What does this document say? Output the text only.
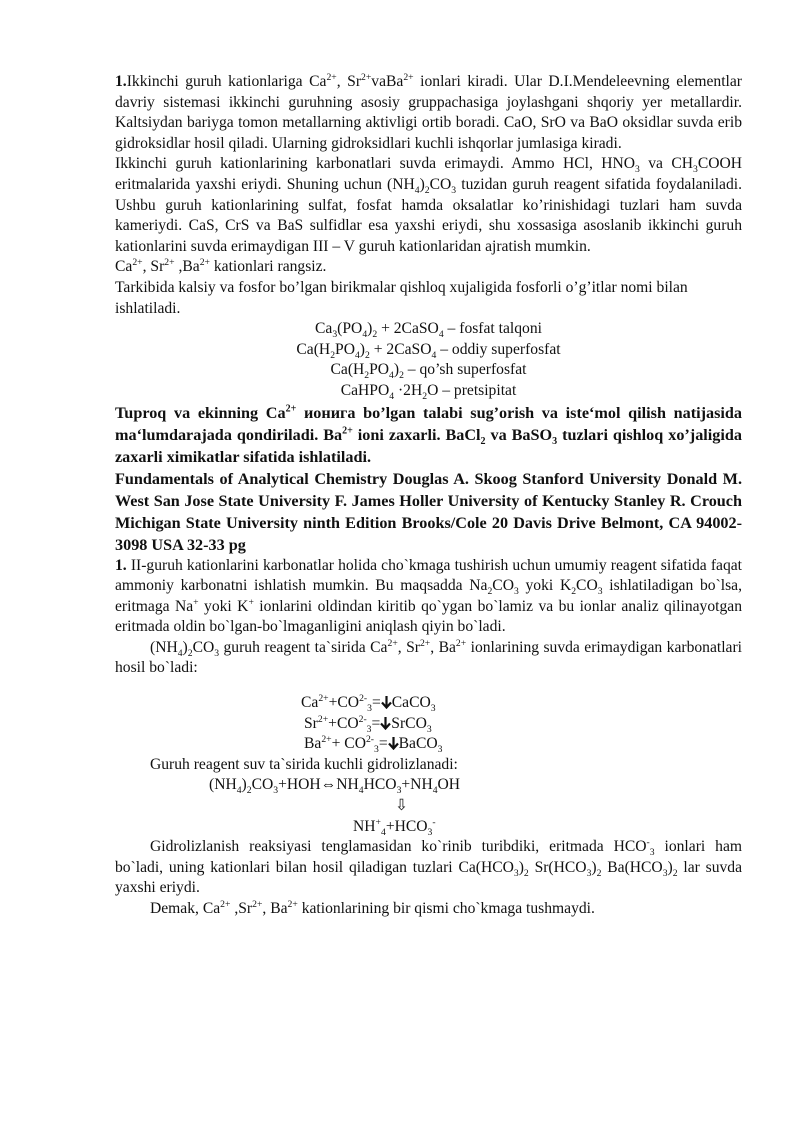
1.Ikkinchi guruh kationlariga $Ca^{2+}$, $Sr^{2+}vaBa^{2+}$ ionlari kiradi. Ular D.I.Mendeleevning elementlar davriy sistemasi ikkinchi guruhning asosiy gruppachasiga joylashgani shqoriy yer metallardir. Kaltsiydan bariyga tomon metallarning aktivligi ortib boradi. CaO, SrO va BaO oksidlar suvda erib gidroksidlar hosil qiladi. Ularning gidroksidlari kuchli ishqorlar jumlasiga kiradi.

Ikkinchi guruh kationlarining karbonatlari suvda erimaydi. Ammo HCl, $HNO_3$ va $CH_3COOH$ eritmalarida yaxshi eriydi. Shuning uchun $(NH_4)_2CO_3$ tuzidan guruh reagent sifatida foydalaniladi. Ushbu guruh kationlarining sulfat, fosfat hamda oksalatlar ko’rinishidagi tuzlari ham suvda kameriydi. CaS, CrS va BaS sulfidlar esa yaxshi eriydi, shu xossasiga asoslanib ikkinchi guruh kationlarini suvda erimaydigan III – V guruh kationlaridan ajratish mumkin.

$Ca^{2+}$, $Sr^{2+}$ $,Ba^{2+}$ kationlari rangsiz.

Tarkibida kalsiy va fosfor bo’lgan birikmalar qishloq xujaligida fosforli o’g’itlar nomi bilan ishlatiladi.

$Ca_3(PO_4)_2$ + 2CaSO$_4$ – fosfat talqoni

$Ca(H_2PO_4)_2$ + 2CaSO$_4$ – oddiy superfosfat

$Ca(H_2PO_4)_2$ – qo’sh superfosfat

CaHPO$_4$ $\cdot 2H_2O$ – pretsipitat

Tuproq va ekinning $Ca^{2+}$ ионига bo’lgan talabi sug’orish va iste‘mol qilish natijasida ma‘lumdarajada qondiriladi. $Ba^{2+}$ ioni zaxarli. BaCl$_2$ va BaSO$_3$ tuzlari qishloq xo’jaligida zaxarli ximikatlar sifatida ishlatiladi.

Fundamentals of Analytical Chemistry Douglas A. Skoog Stanford University Donald M. West San Jose State University F. James Holler University of Kentucky Stanley R. Crouch Michigan State University ninth Edition Brooks/Cole 20 Davis Drive Belmont, CA 94002-3098 USA 32-33 pg

1. II-guruh kationlarini karbonatlar holida cho`kmaga tushirish uchun umumiy reagent sifatida faqat ammoniy karbonatni ishlatish mumkin. Bu maqsadda $Na_2CO_3$ yoki $K_2CO_3$ ishlatiladigan bo`lsa, eritmaga Na+ yoki K+ ionlarini oldindan kiritib qo`ygan bo`lamiz va bu ionlar analiz qilinayotgan eritmada oldin bo`lgan-bo`lmaganligini aniqlash qiyin bo`ladi.

$(NH_4)_2CO_3$ guruh reagent ta`sirida $Ca^{2+}$, $Sr^{2+}$, $Ba^{2+}$ ionlarining suvda erimaydigan karbonatlari hosil bo`ladi:

$Ca^{2+}+CO^{2-}_3=$ CaCO$_3$

$Sr^{2+}+CO^{2-}_3=$ SrCO$_3$

$Ba^{2+}+ CO^{2-}_3=$ BaCO$_3$

Guruh reagent suv ta`sirida kuchli gidrolizlanadi:

$(NH_4)_2CO_3+HOH\Leftrightarrow NH_4HCO_3+NH_4OH$

⇩

$NH^+_4+HCO_3^-$

Gidrolizlanish reaksiyasi tenglamasidan ko`rinib turibdiki, eritmada $HCO^-_3$ ionlari ham bo`ladi, uning kationlari bilan hosil qiladigan tuzlari $Ca(HCO_3)_2$ $Sr(HCO_3)_2$ $Ba(HCO_3)_2$ lar suvda yaxshi eriydi.

Demak, $Ca^{2+}$ $,Sr^{2+}$, $Ba^{2+}$ kationlarining bir qismi cho`kmaga tushmaydi.
